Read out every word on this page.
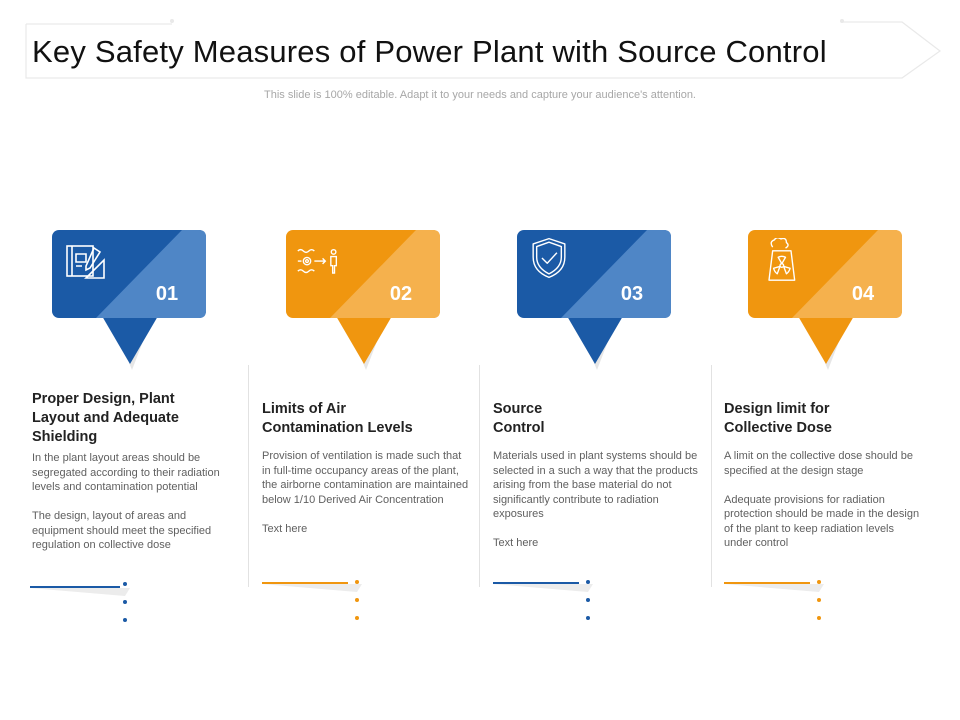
Key Safety Measures of Power Plant with Source Control
This slide is 100% editable. Adapt it to your needs and capture your audience's attention.
01
Proper Design, Plant
Layout and Adequate
Shielding

In the plant layout areas should be segregated according to their radiation levels and contamination potential

The design, layout of areas and equipment should meet the specified regulation on collective dose

02
Limits of Air
Contamination Levels

Provision of ventilation is made such that in full-time occupancy areas of the plant, the airborne contamination are maintained below 1/10 Derived Air Concentration

Text here

03
Source
Control

Materials used in plant systems should be selected in a such a way that the products arising from the base material do not significantly contribute to radiation exposures

Text here

04
Design limit for
Collective Dose

A limit on the collective dose should be specified at the design stage

Adequate provisions for radiation protection should be made in the design of the plant to keep radiation levels under control
